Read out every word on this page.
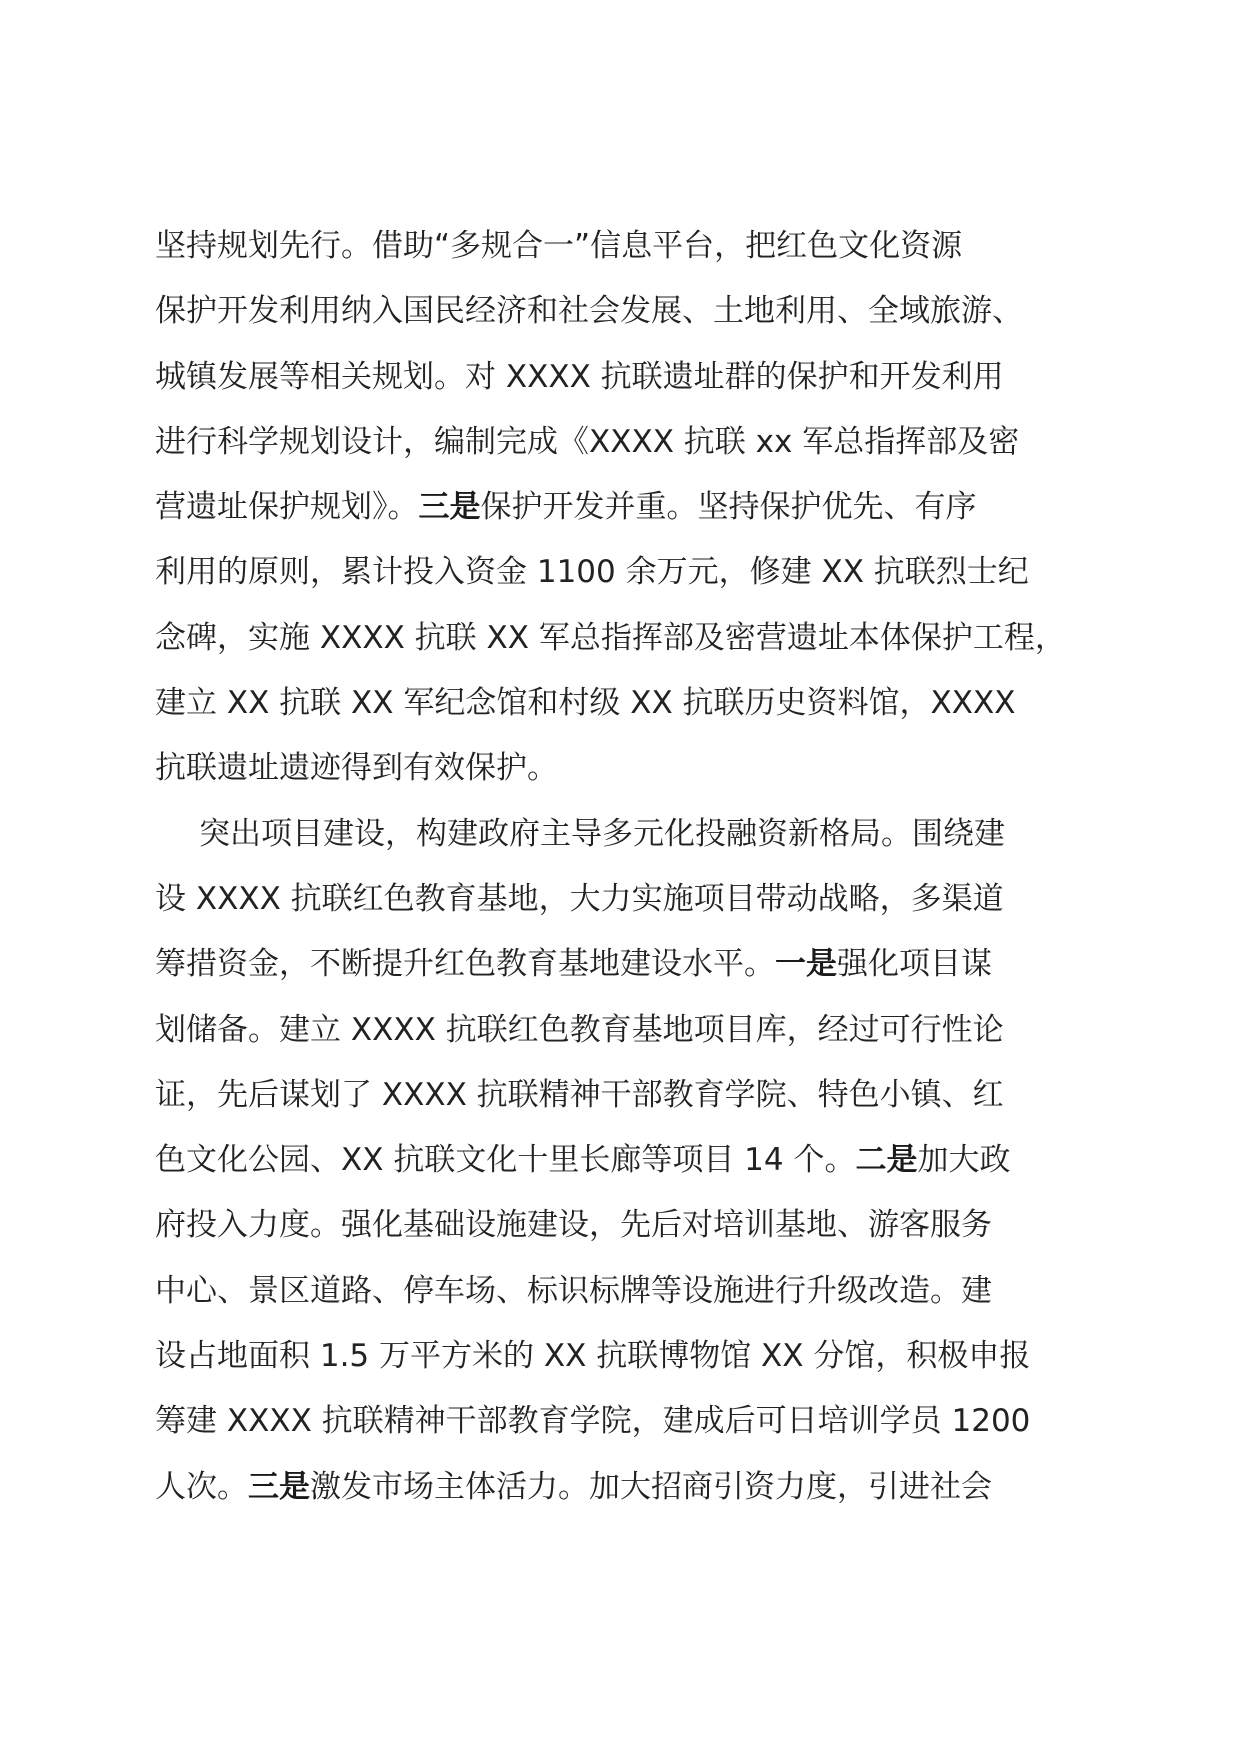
坚持规划先行。借助“多规合一”信息平台，把红色文化资源
保护开发利用纳入国民经济和社会发展、土地利用、全域旅游、
城镇发展等相关规划。对 XXXX 抗联遗址群的保护和开发利用
进行科学规划设计，编制完成《XXXX 抗联 xx 军总指挥部及密
营遗址保护规划》。三是保护开发并重。坚持保护优先、有序
利用的原则，累计投入资金 1100 余万元，修建 XX 抗联烈士纪
念碑，实施 XXXX 抗联 XX 军总指挥部及密营遗址本体保护工程，
建立 XX 抗联 XX 军纪念馆和村级 XX 抗联历史资料馆，XXXX
抗联遗址遗迹得到有效保护。
突出项目建设，构建政府主导多元化投融资新格局。围绕建
设 XXXX 抗联红色教育基地，大力实施项目带动战略，多渠道
筹措资金，不断提升红色教育基地建设水平。一是强化项目谋
划储备。建立 XXXX 抗联红色教育基地项目库，经过可行性论
证，先后谋划了 XXXX 抗联精神干部教育学院、特色小镇、红
色文化公园、XX 抗联文化十里长廊等项目 14 个。二是加大政
府投入力度。强化基础设施建设，先后对培训基地、游客服务
中心、景区道路、停车场、标识标牌等设施进行升级改造。建
设占地面积 1.5 万平方米的 XX 抗联博物馆 XX 分馆，积极申报
筹建 XXXX 抗联精神干部教育学院，建成后可日培训学员 1200
人次。三是激发市场主体活力。加大招商引资力度，引进社会
